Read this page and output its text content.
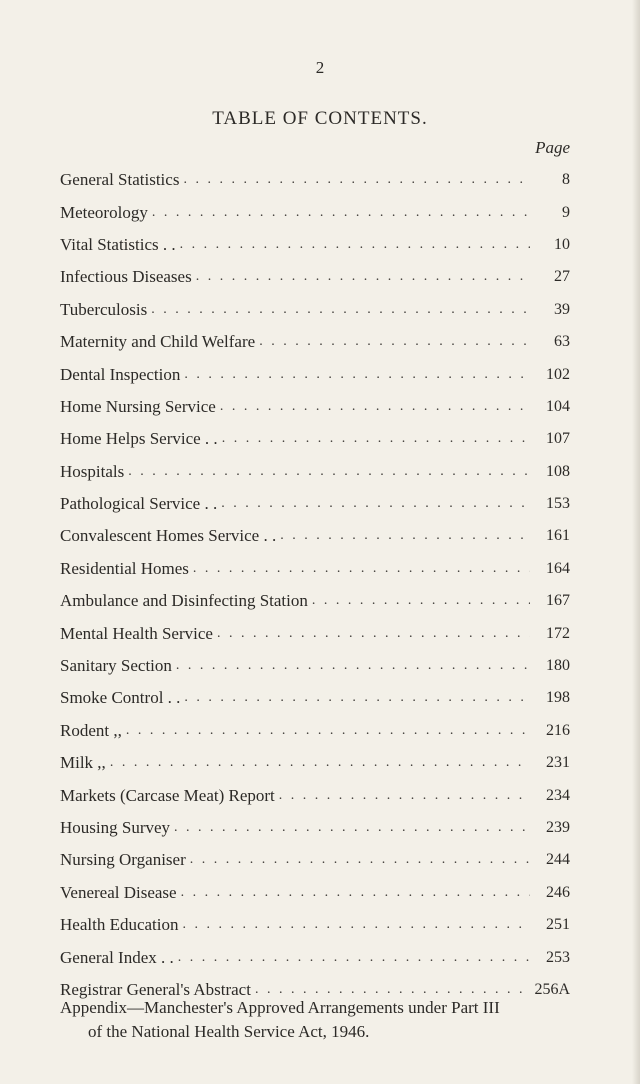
2
TABLE OF CONTENTS.
Page
General Statistics . . .	8
Meteorology . . .	9
Vital Statistics . . . . .	10
Infectious Diseases . . .	27
Tuberculosis . . .	39
Maternity and Child Welfare . . .	63
Dental Inspection . . .	102
Home Nursing Service . . .	104
Home Helps Service . . . . .	107
Hospitals . . .	108
Pathological Service . . . . .	153
Convalescent Homes Service . . . . .	161
Residential Homes . . .	164
Ambulance and Disinfecting Station . . .	167
Mental Health Service . . .	172
Sanitary Section . . .	180
Smoke Control . . . . .	198
Rodent ,, . . .	216
Milk ,, . . .	231
Markets (Carcase Meat) Report . . .	234
Housing Survey . . .	239
Nursing Organiser . . .	244
Venereal Disease . . .	246
Health Education . . .	251
General Index . . . . .	253
Registrar General's Abstract . . .	256A
Appendix—Manchester's Approved Arrangements under Part III
of the National Health Service Act, 1946.
